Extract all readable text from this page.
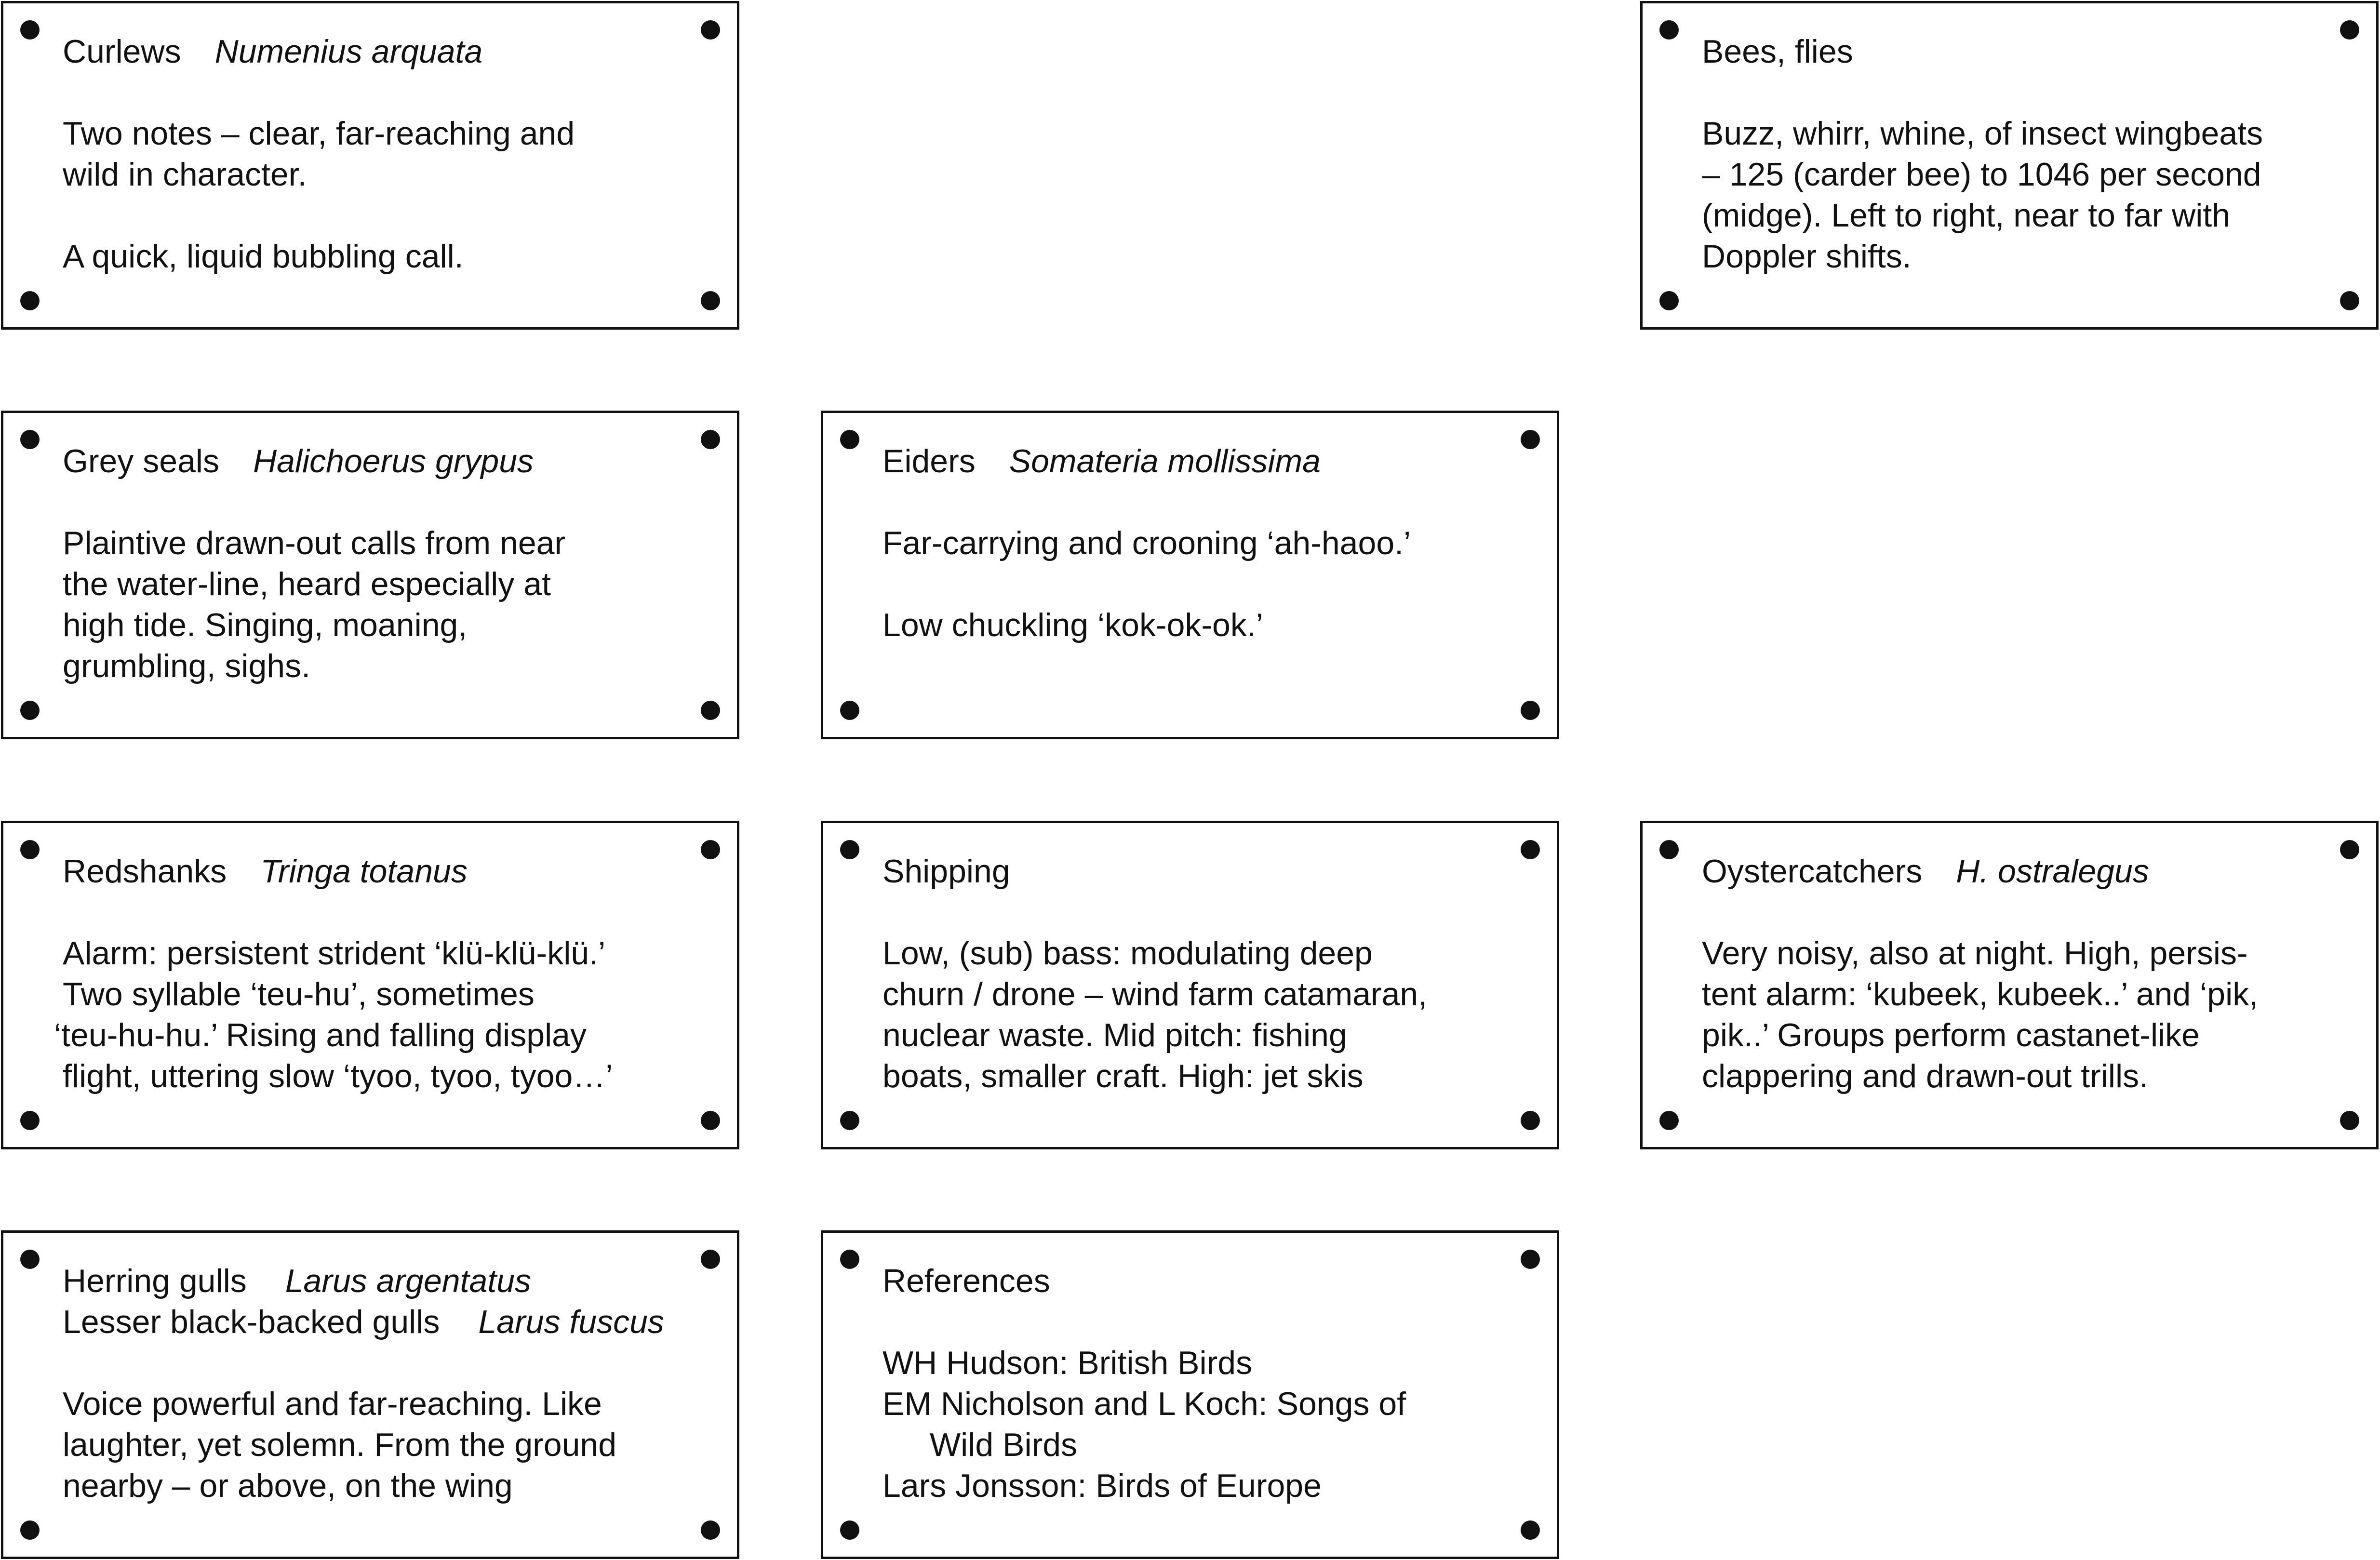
Curlews Numenius arquata
Two notes – clear, far-reaching and
wild in character.
A quick, liquid bubbling call.
Bees, flies
Buzz, whirr, whine, of insect wingbeats
– 125 (carder bee) to 1046 per second
(midge). Left to right, near to far with
Doppler shifts.
Grey seals Halichoerus grypus
Plaintive drawn-out calls from near
the water-line, heard especially at
high tide. Singing, moaning,
grumbling, sighs.
Eiders Somateria mollissima
Far-carrying and crooning ‘ah-haoo.’
Low chuckling ‘kok-ok-ok.’
Redshanks Tringa totanus
Alarm: persistent strident ‘klü-klü-klü.’
Two syllable ‘teu-hu’, sometimes
‘teu-hu-hu.’ Rising and falling display
flight, uttering slow ‘tyoo, tyoo, tyoo…’
Shipping
Low, (sub) bass: modulating deep
churn / drone – wind farm catamaran,
nuclear waste. Mid pitch: fishing
boats, smaller craft. High: jet skis
Oystercatchers H. ostralegus
Very noisy, also at night. High, persis-
tent alarm: ‘kubeek, kubeek..’ and ‘pik,
pik..’ Groups perform castanet-like
clappering and drawn-out trills.
Herring gulls Larus argentatus
Lesser black-backed gulls Larus fuscus
Voice powerful and far-reaching. Like
laughter, yet solemn. From the ground
nearby – or above, on the wing
References
WH Hudson: British Birds
EM Nicholson and L Koch: Songs of
Wild Birds
Lars Jonsson: Birds of Europe
